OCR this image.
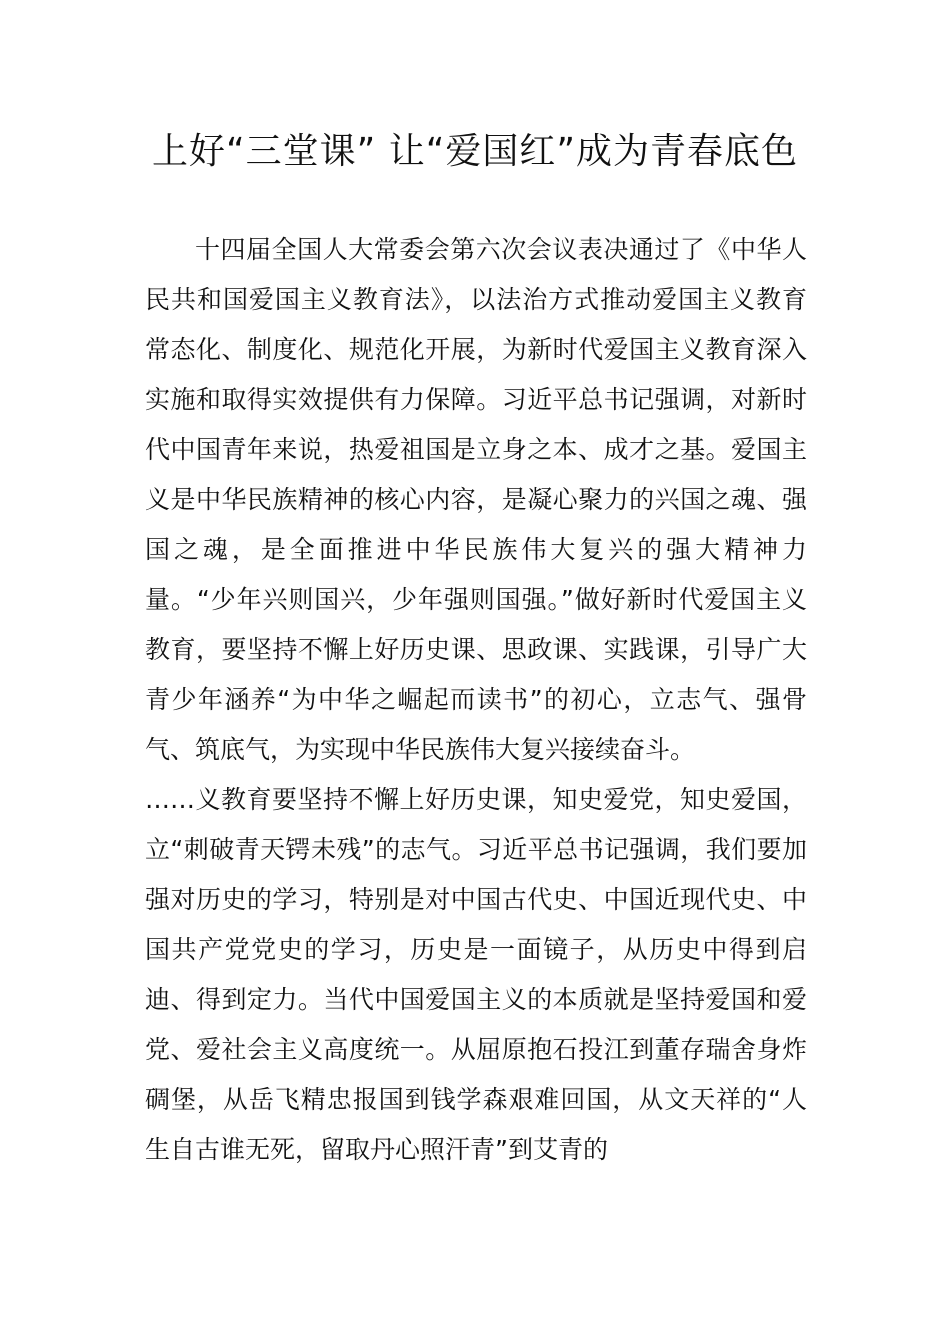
上好“三堂课” 让“爱国红”成为青春底色

十四届全国人大常委会第六次会议表决通过了《中华人民共和国爱国主义教育法》，以法治方式推动爱国主义教育常态化、制度化、规范化开展，为新时代爱国主义教育深入实施和取得实效提供有力保障。习近平总书记强调，对新时代中国青年来说，热爱祖国是立身之本、成才之基。爱国主义是中华民族精神的核心内容，是凝心聚力的兴国之魂、强国之魂，是全面推进中华民族伟大复兴的强大精神力量。“少年兴则国兴，少年强则国强。”做好新时代爱国主义教育，要坚持不懈上好历史课、思政课、实践课，引导广大青少年涵养“为中华之崛起而读书”的初心，立志气、强骨气、筑底气，为实现中华民族伟大复兴接续奋斗。

……义教育要坚持不懈上好历史课，知史爱党，知史爱国，立“刺破青天锷未残”的志气。习近平总书记强调，我们要加强对历史的学习，特别是对中国古代史、中国近现代史、中国共产党党史的学习，历史是一面镜子，从历史中得到启迪、得到定力。当代中国爱国主义的本质就是坚持爱国和爱党、爱社会主义高度统一。从屈原抱石投江到董存瑞舍身炸碉堡，从岳飞精忠报国到钱学森艰难回国，从文天祥的“人生自古谁无死，留取丹心照汗青”到艾青的
